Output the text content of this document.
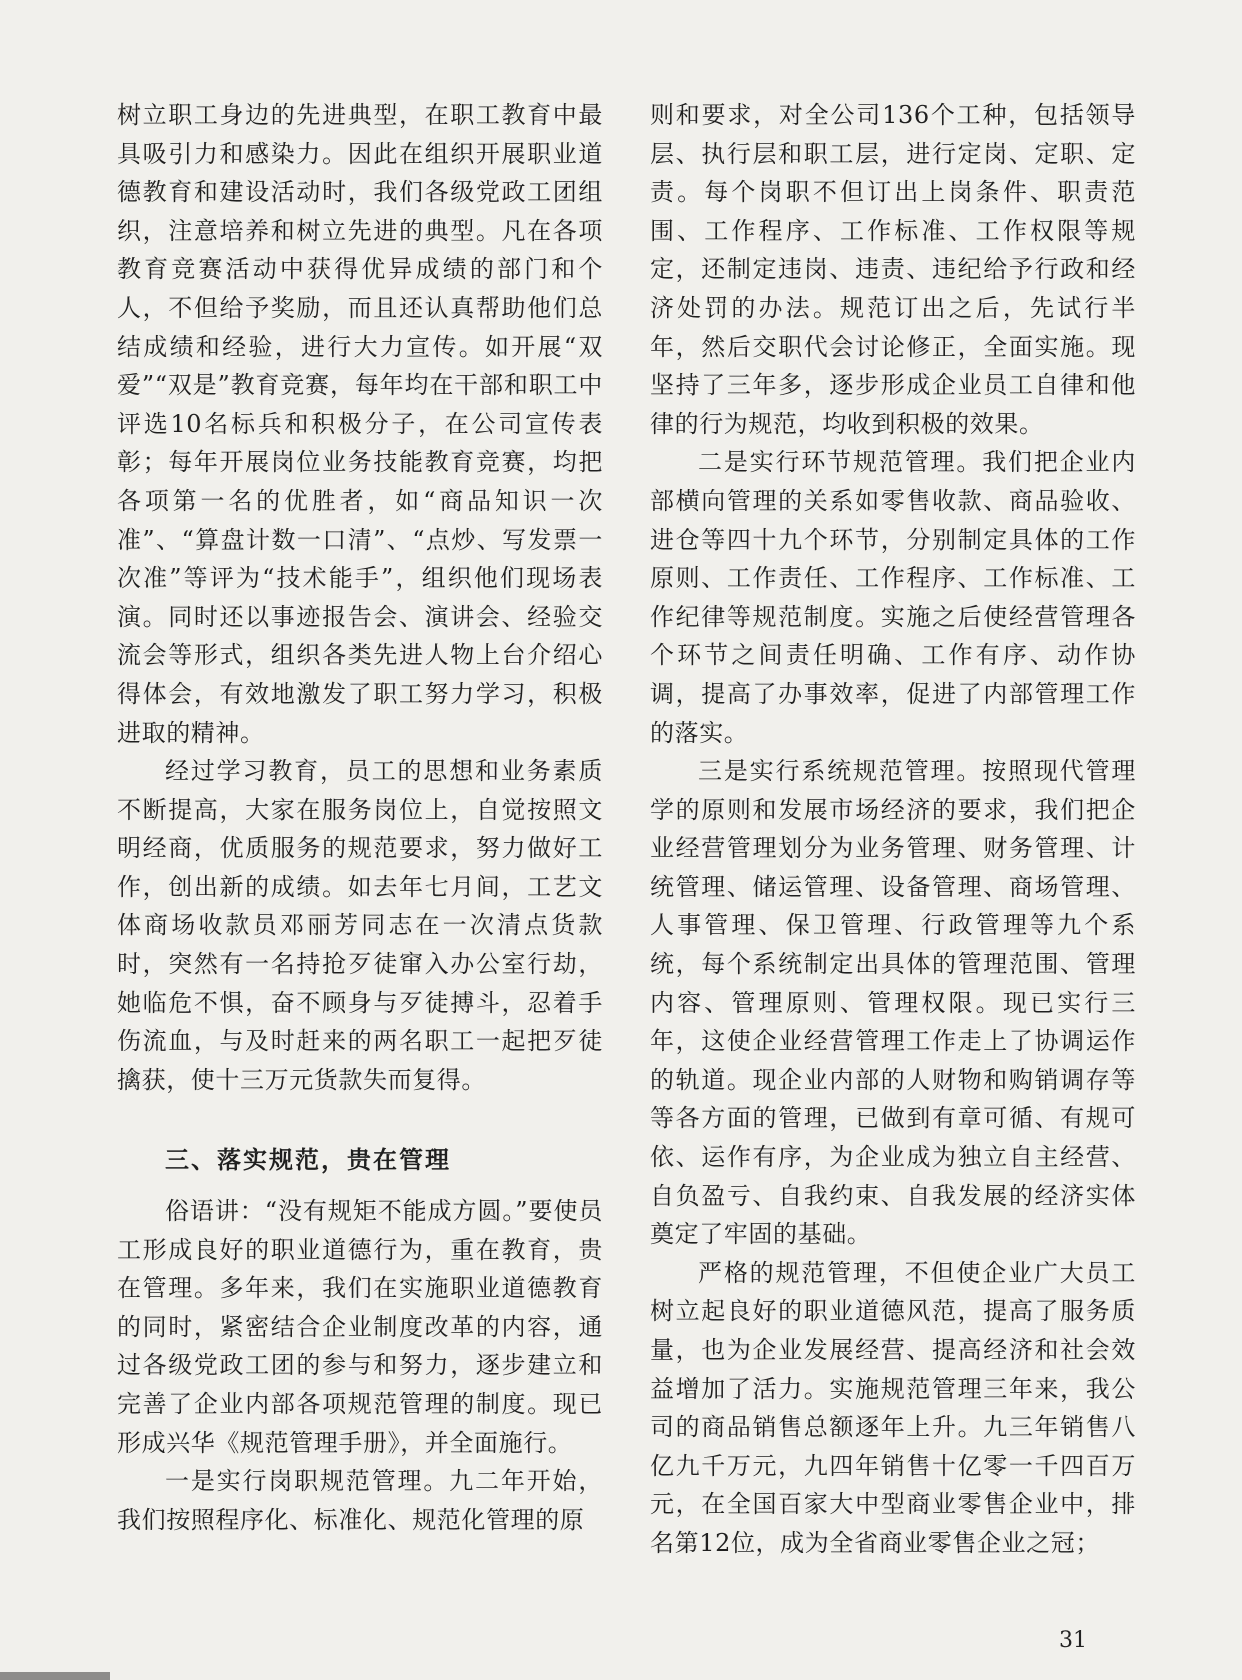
树立职工身边的先进典型，在职工教育中最具吸引力和感染力。因此在组织开展职业道德教育和建设活动时，我们各级党政工团组织，注意培养和树立先进的典型。凡在各项教育竞赛活动中获得优异成绩的部门和个人，不但给予奖励，而且还认真帮助他们总结成绩和经验，进行大力宣传。如开展“双爱”“双是”教育竞赛，每年均在干部和职工中评选10名标兵和积极分子，在公司宣传表彰；每年开展岗位业务技能教育竞赛，均把各项第一名的优胜者，如“商品知识一次准”、“算盘计数一口清”、“点炒、写发票一次准”等评为“技术能手”，组织他们现场表演。同时还以事迹报告会、演讲会、经验交流会等形式，组织各类先进人物上台介绍心得体会，有效地激发了职工努力学习，积极进取的精神。

经过学习教育，员工的思想和业务素质不断提高，大家在服务岗位上，自觉按照文明经商，优质服务的规范要求，努力做好工作，创出新的成绩。如去年七月间，工艺文体商场收款员邓丽芳同志在一次清点货款时，突然有一名持抢歹徒窜入办公室行劫，她临危不惧，奋不顾身与歹徒搏斗，忍着手伤流血，与及时赶来的两名职工一起把歹徒擒获，使十三万元货款失而复得。

三、落实规范，贵在管理

俗语讲：“没有规矩不能成方圆。”要使员工形成良好的职业道德行为，重在教育，贵在管理。多年来，我们在实施职业道德教育的同时，紧密结合企业制度改革的内容，通过各级党政工团的参与和努力，逐步建立和完善了企业内部各项规范管理的制度。现已形成兴华《规范管理手册》，并全面施行。

一是实行岗职规范管理。九二年开始，我们按照程序化、标准化、规范化管理的原

则和要求，对全公司136个工种，包括领导层、执行层和职工层，进行定岗、定职、定责。每个岗职不但订出上岗条件、职责范围、工作程序、工作标准、工作权限等规定，还制定违岗、违责、违纪给予行政和经济处罚的办法。规范订出之后，先试行半年，然后交职代会讨论修正，全面实施。现坚持了三年多，逐步形成企业员工自律和他律的行为规范，均收到积极的效果。

二是实行环节规范管理。我们把企业内部横向管理的关系如零售收款、商品验收、进仓等四十九个环节，分别制定具体的工作原则、工作责任、工作程序、工作标准、工作纪律等规范制度。实施之后使经营管理各个环节之间责任明确、工作有序、动作协调，提高了办事效率，促进了内部管理工作的落实。

三是实行系统规范管理。按照现代管理学的原则和发展市场经济的要求，我们把企业经营管理划分为业务管理、财务管理、计统管理、储运管理、设备管理、商场管理、人事管理、保卫管理、行政管理等九个系统，每个系统制定出具体的管理范围、管理内容、管理原则、管理权限。现已实行三年，这使企业经营管理工作走上了协调运作的轨道。现企业内部的人财物和购销调存等等各方面的管理，已做到有章可循、有规可依、运作有序，为企业成为独立自主经营、自负盈亏、自我约束、自我发展的经济实体奠定了牢固的基础。

严格的规范管理，不但使企业广大员工树立起良好的职业道德风范，提高了服务质量，也为企业发展经营、提高经济和社会效益增加了活力。实施规范管理三年来，我公司的商品销售总额逐年上升。九三年销售八亿九千万元，九四年销售十亿零一千四百万元，在全国百家大中型商业零售企业中，排名第12位，成为全省商业零售企业之冠；

31
